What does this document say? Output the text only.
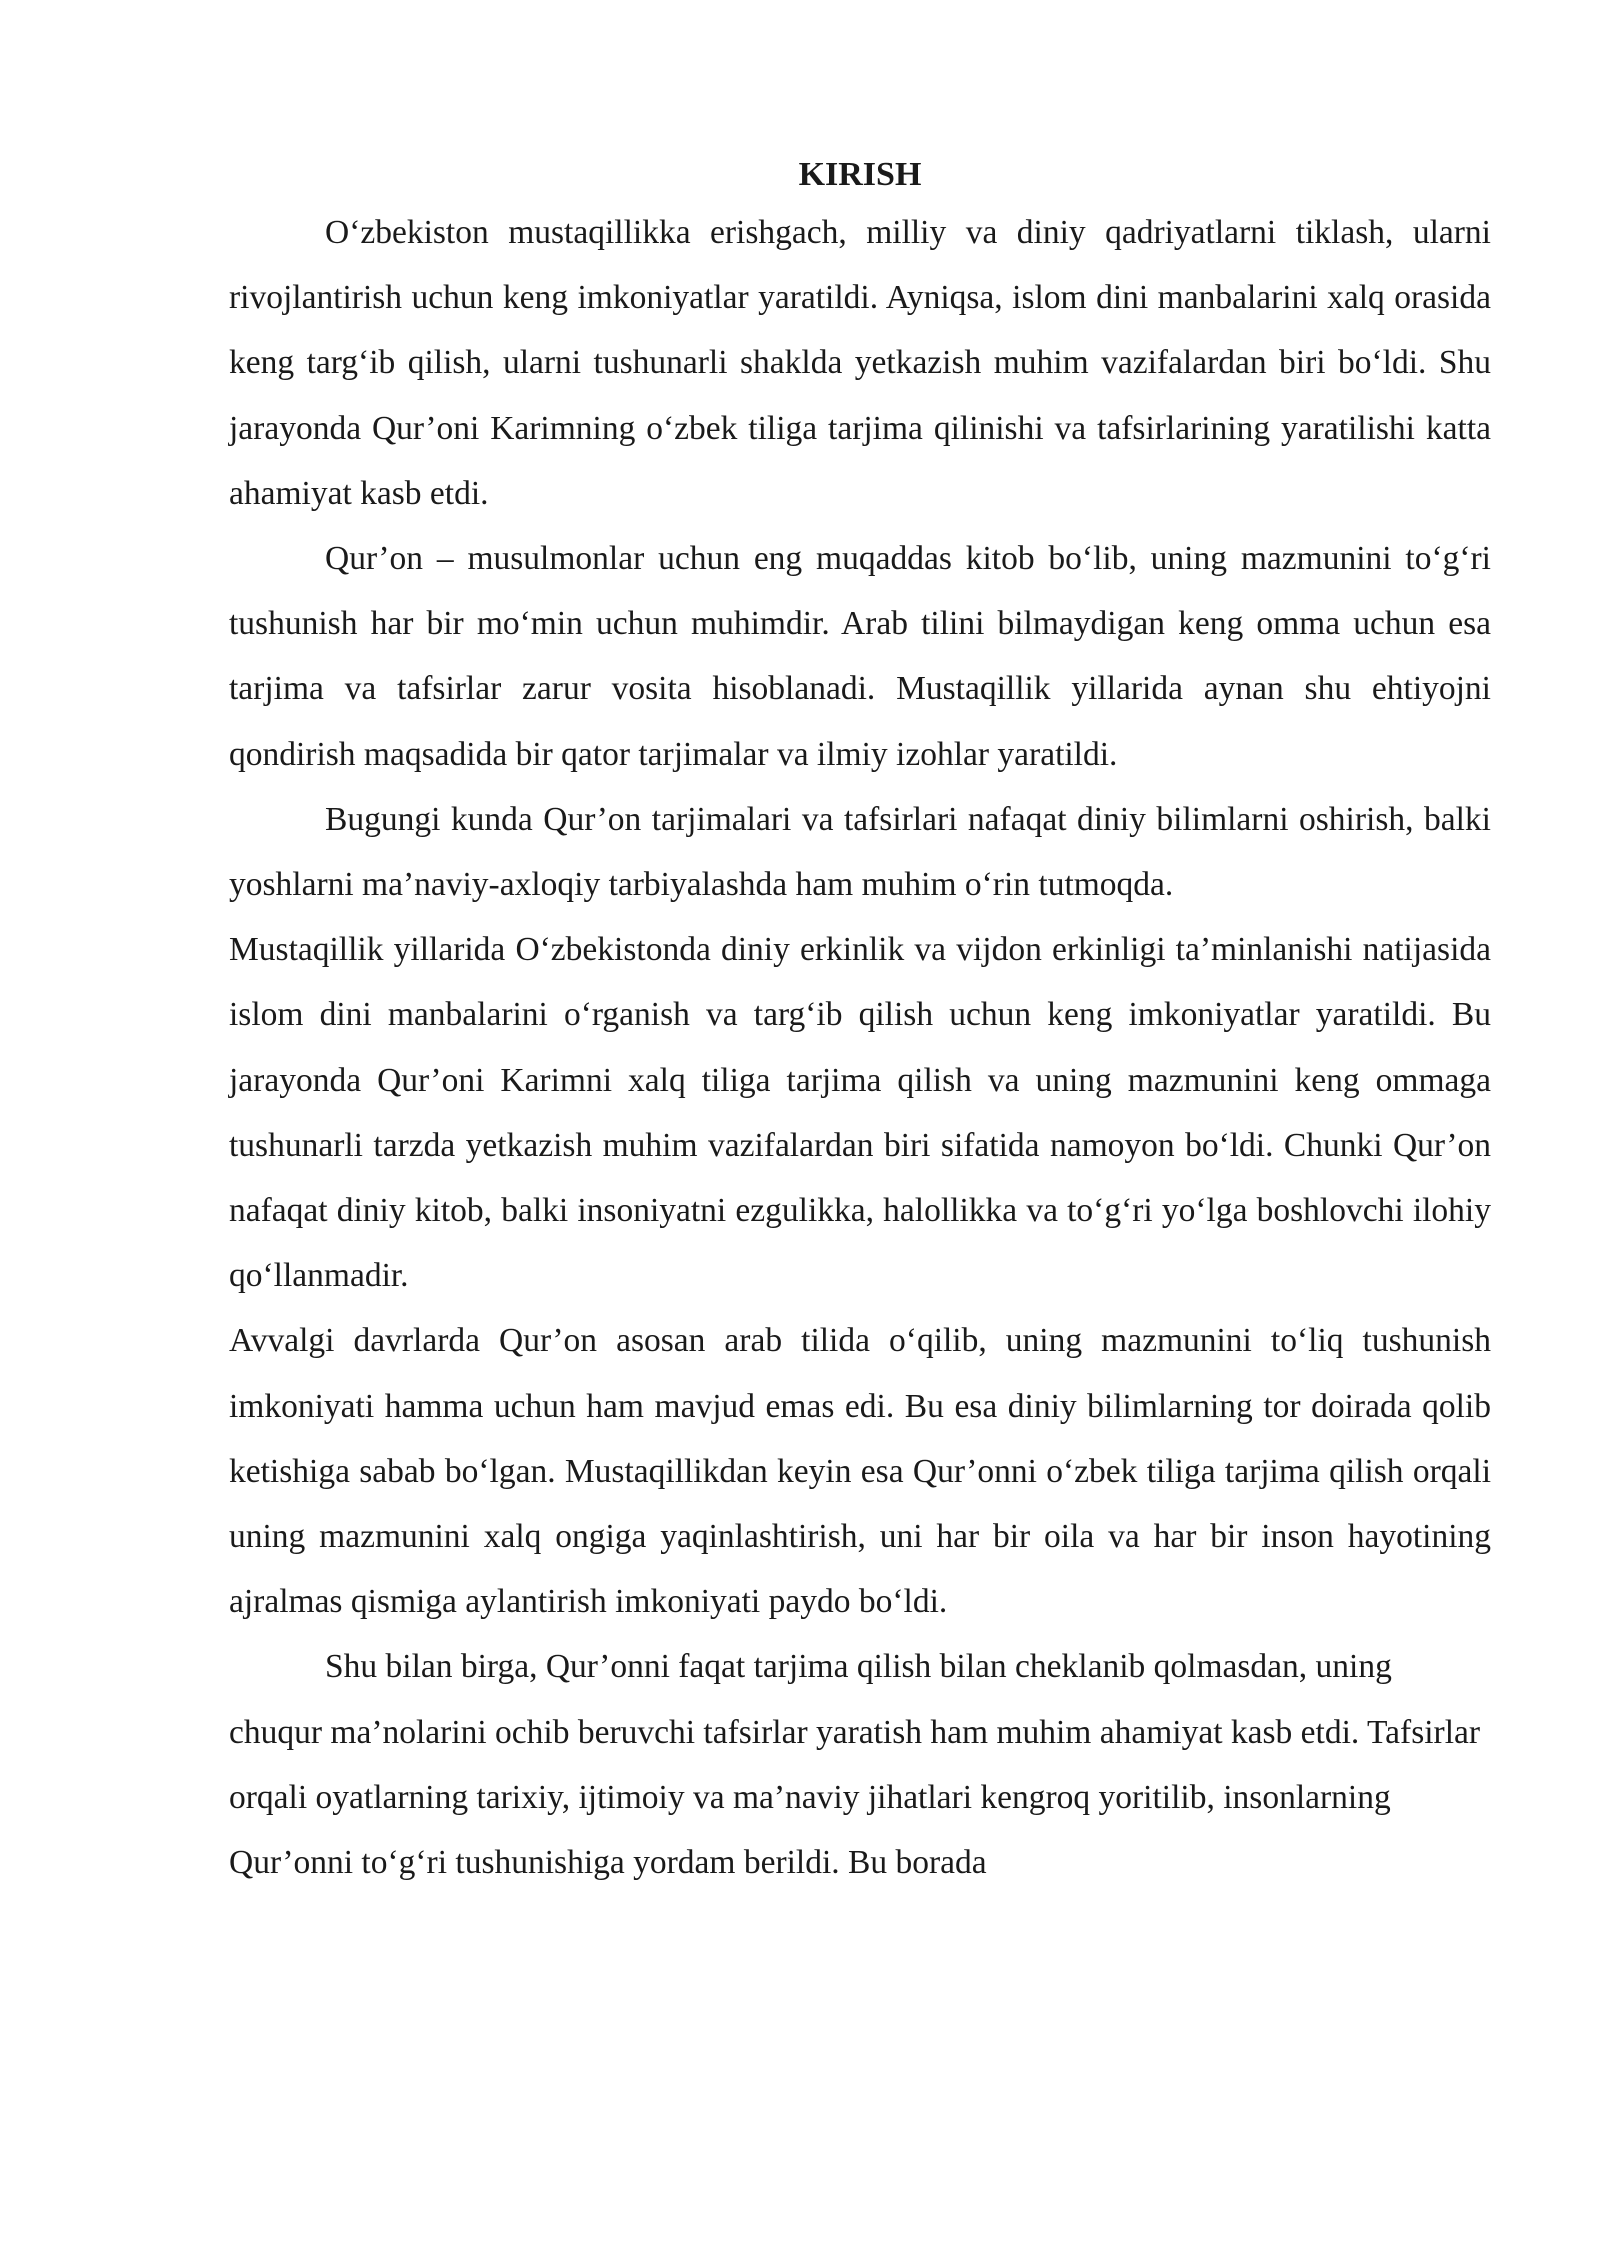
KIRISH

O‘zbekiston mustaqillikka erishgach, milliy va diniy qadriyatlarni tiklash, ularni rivojlantirish uchun keng imkoniyatlar yaratildi. Ayniqsa, islom dini manbalarini xalq orasida keng targ‘ib qilish, ularni tushunarli shaklda yetkazish muhim vazifalardan biri bo‘ldi. Shu jarayonda Qur’oni Karimning o‘zbek tiliga tarjima qilinishi va tafsirlarining yaratilishi katta ahamiyat kasb etdi.

Qur’on – musulmonlar uchun eng muqaddas kitob bo‘lib, uning mazmunini to‘g‘ri tushunish har bir mo‘min uchun muhimdir. Arab tilini bilmaydigan keng omma uchun esa tarjima va tafsirlar zarur vosita hisoblanadi. Mustaqillik yillarida aynan shu ehtiyojni qondirish maqsadida bir qator tarjimalar va ilmiy izohlar yaratildi.

Bugungi kunda Qur’on tarjimalari va tafsirlari nafaqat diniy bilimlarni oshirish, balki yoshlarni ma’naviy-axloqiy tarbiyalashda ham muhim o‘rin tutmoqda.

Mustaqillik yillarida O‘zbekistonda diniy erkinlik va vijdon erkinligi ta’minlanishi natijasida islom dini manbalarini o‘rganish va targ‘ib qilish uchun keng imkoniyatlar yaratildi. Bu jarayonda Qur’oni Karimni xalq tiliga tarjima qilish va uning mazmunini keng ommaga tushunarli tarzda yetkazish muhim vazifalardan biri sifatida namoyon bo‘ldi. Chunki Qur’on nafaqat diniy kitob, balki insoniyatni ezgulikka, halollikka va to‘g‘ri yo‘lga boshlovchi ilohiy qo‘llanmadir.

Avvalgi davrlarda Qur’on asosan arab tilida o‘qilib, uning mazmunini to‘liq tushunish imkoniyati hamma uchun ham mavjud emas edi. Bu esa diniy bilimlarning tor doirada qolib ketishiga sabab bo‘lgan. Mustaqillikdan keyin esa Qur’onni o‘zbek tiliga tarjima qilish orqali uning mazmunini xalq ongiga yaqinlashtirish, uni har bir oila va har bir inson hayotining ajralmas qismiga aylantirish imkoniyati paydo bo‘ldi.

Shu bilan birga, Qur’onni faqat tarjima qilish bilan cheklanib qolmasdan, uning chuqur ma’nolarini ochib beruvchi tafsirlar yaratish ham muhim ahamiyat kasb etdi. Tafsirlar orqali oyatlarning tarixiy, ijtimoiy va ma’naviy jihatlari kengroq yoritilib, insonlarning Qur’onni to‘g‘ri tushunishiga yordam berildi. Bu borada
